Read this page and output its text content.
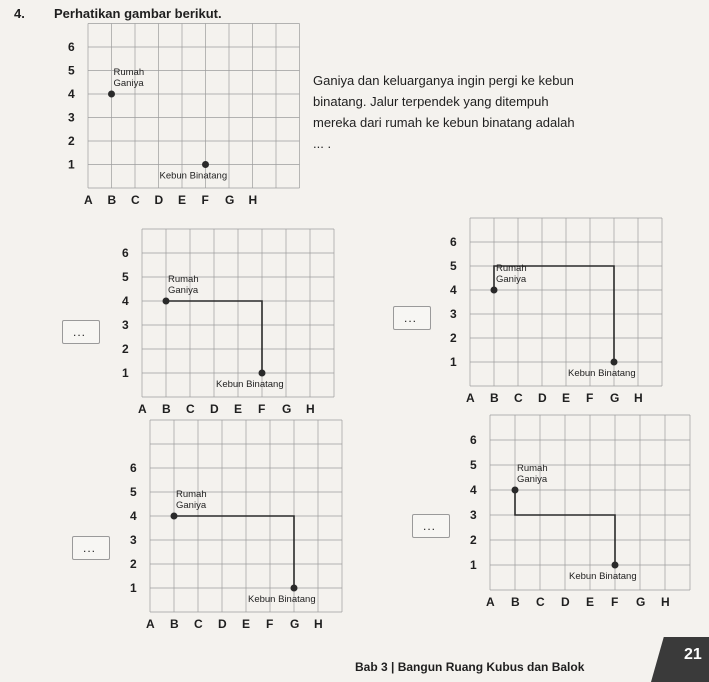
4. Perhatikan gambar berikut.
Ganiya dan keluarganya ingin pergi ke kebun
binatang. Jalur terpendek yang ditempuh
mereka dari rumah ke kebun binatang adalah
... .
...
...
...
...
A B C D E F G H
1
2
3
4
5
6
Rumah
Ganiya
Kebun Binatang
A B C D E F G H
1
2
3
4
5
6
Rumah
Ganiya
Kebun Binatang
A B C D E F G H
1
2
3
4
5
6
Rumah
Ganiya
Kebun Binatang
A B C D E F G H
1
2
3
4
5
6
Rumah
Ganiya
Kebun Binatang	A B C D E F G H
1
2
3
4
5
6
Rumah
Ganiya
Kebun Binatang
Bab 3 | Bangun Ruang Kubus dan Balok
21
